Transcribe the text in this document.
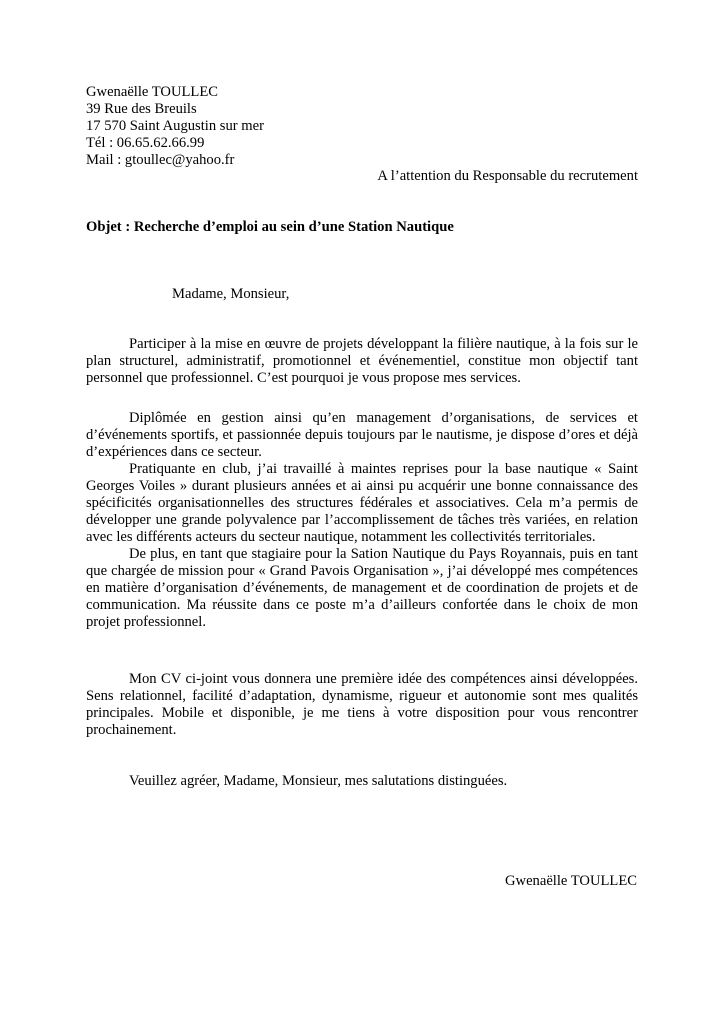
Gwenaëlle TOULLEC
39 Rue des Breuils
17 570 Saint Augustin sur mer
Tél : 06.65.62.66.99
Mail : gtoullec@yahoo.fr
A l’attention du Responsable du recrutement
Objet : Recherche d’emploi au sein d’une Station Nautique
Madame, Monsieur,

Participer à la mise en œuvre de projets développant la filière nautique, à la fois sur le plan structurel, administratif, promotionnel et événementiel, constitue mon objectif tant personnel que professionnel. C’est pourquoi je vous propose mes services.

Diplômée en gestion ainsi qu’en management d’organisations, de services et d’événements sportifs, et passionnée depuis toujours par le nautisme, je dispose d’ores et déjà d’expériences dans ce secteur.

Pratiquante en club, j’ai travaillé à maintes reprises pour la base nautique « Saint Georges Voiles » durant plusieurs années et ai ainsi pu acquérir une bonne connaissance des spécificités organisationnelles des structures fédérales et associatives. Cela m’a permis de développer une grande polyvalence par l’accomplissement de tâches très variées, en relation avec les différents acteurs du secteur nautique, notamment les collectivités territoriales.

De plus, en tant que stagiaire pour la Sation Nautique du Pays Royannais, puis en tant que chargée de mission pour « Grand Pavois Organisation », j’ai développé mes compétences en matière d’organisation d’événements, de management et de coordination de projets et de communication. Ma réussite dans ce poste m’a d’ailleurs confortée dans le choix de mon projet professionnel.

Mon CV ci-joint vous donnera une première idée des compétences ainsi développées. Sens relationnel, facilité d’adaptation, dynamisme, rigueur et autonomie sont mes qualités principales. Mobile et disponible, je me tiens à votre disposition pour vous rencontrer prochainement.

Veuillez agréer, Madame, Monsieur, mes salutations distinguées.

Gwenaëlle TOULLEC
